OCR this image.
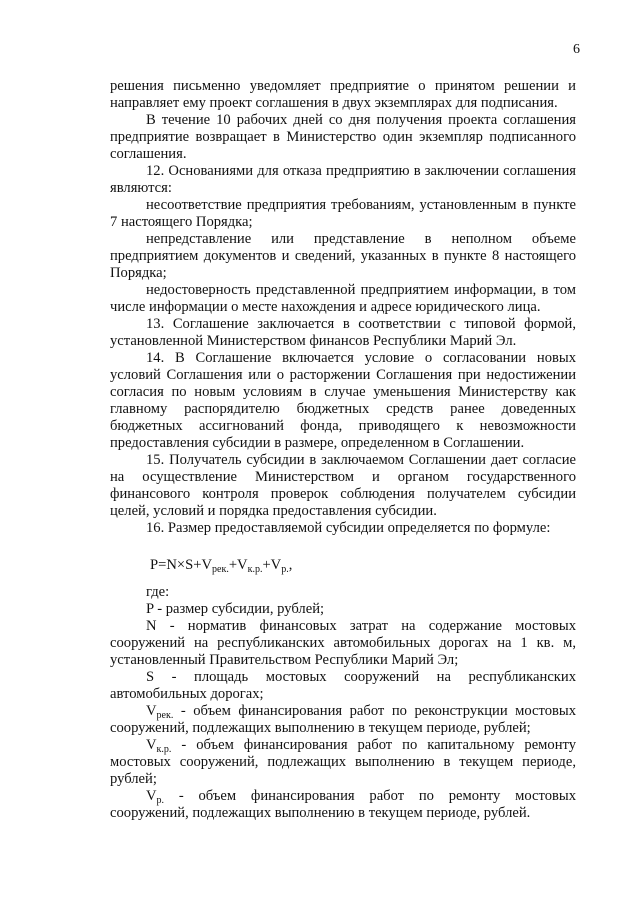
6

решения письменно уведомляет предприятие о принятом решении и направляет ему проект соглашения в двух экземплярах для подписания.

В течение 10 рабочих дней со дня получения проекта соглашения предприятие возвращает в Министерство один экземпляр подписанного соглашения.

12. Основаниями для отказа предприятию в заключении соглашения являются:

несоответствие предприятия требованиям, установленным в пункте 7 настоящего Порядка;

непредставление или представление в неполном объеме предприятием документов и сведений, указанных в пункте 8 настоящего Порядка;

недостоверность представленной предприятием информации, в том числе информации о месте нахождения и адресе юридического лица.

13. Соглашение заключается в соответствии с типовой формой, установленной Министерством финансов Республики Марий Эл.

14. В Соглашение включается условие о согласовании новых условий Соглашения или о расторжении Соглашения при недостижении согласия по новым условиям в случае уменьшения Министерству как главному распорядителю бюджетных средств ранее доведенных бюджетных ассигнований фонда, приводящего к невозможности предоставления субсидии в размере, определенном в Соглашении.

15. Получатель субсидии в заключаемом Соглашении дает согласие на осуществление Министерством и органом государственного финансового контроля проверок соблюдения получателем субсидии целей, условий и порядка предоставления субсидии.

16. Размер предоставляемой субсидии определяется по формуле:

$P=N\times S+V_{рек.}+V_{к.р.}+V_{р.}$,

где:

P - размер субсидии, рублей;

N - норматив финансовых затрат на содержание мостовых сооружений на республиканских автомобильных дорогах на 1 кв. м, установленный Правительством Республики Марий Эл;

S - площадь мостовых сооружений на республиканских автомобильных дорогах;

$V_{рек.}$ - объем финансирования работ по реконструкции мостовых сооружений, подлежащих выполнению в текущем периоде, рублей;

$V_{к.р.}$ - объем финансирования работ по капитальному ремонту мостовых сооружений, подлежащих выполнению в текущем периоде, рублей;

$V_{р.}$ - объем финансирования работ по ремонту мостовых сооружений, подлежащих выполнению в текущем периоде, рублей.
